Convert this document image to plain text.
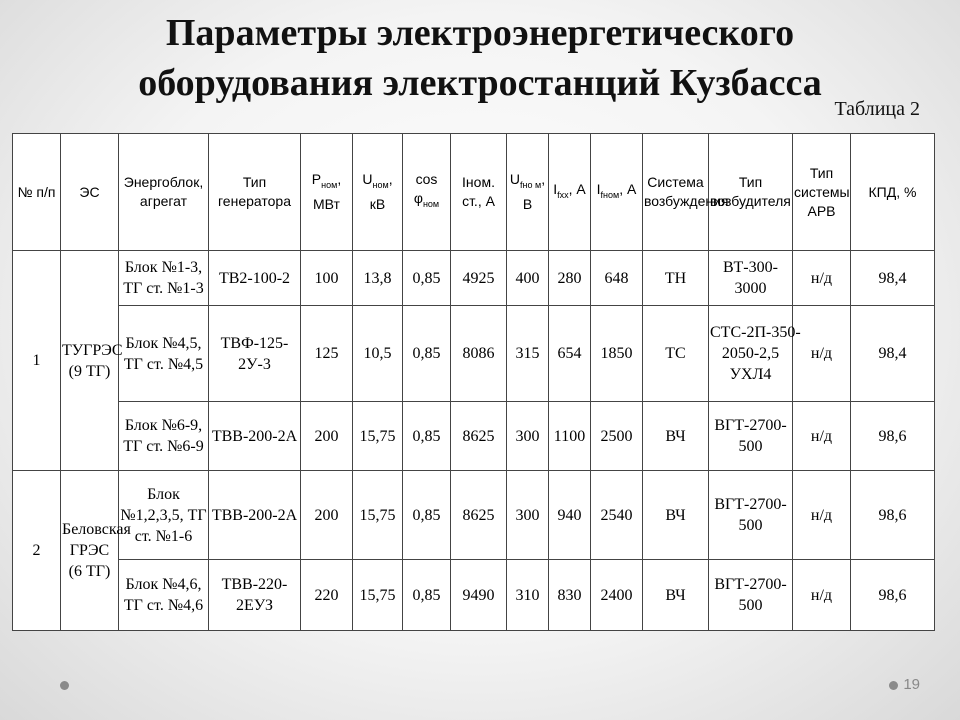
Параметры электроэнергетического
оборудования электростанций Кузбасса
Таблица 2
№ п/п	ЭС	Энергоблок, агрегат	Тип генератора	$P_{ном}$, МВт	$U_{ном}$, кВ	$\cos \varphi_{ном}$	Iном. ст., А	$U_{fно м}$, В	$I_{fхх}$, А	$I_{fном}$, А	Система возбуждения	Тип возбудителя	Тип системы АРВ	КПД, %
1	ТУГРЭС (9 ТГ)	Блок №1-3, ТГ ст. №1-3	ТВ2-100-2	100	13,8	0,85	4925	400	280	648	ТН	ВТ-300-3000	н/д	98,4
		Блок №4,5, ТГ ст. №4,5	ТВФ-125-2У-3	125	10,5	0,85	8086	315	654	1850	ТС	СТС-2П-350-2050-2,5 УХЛ4	н/д	98,4
		Блок №6-9, ТГ ст. №6-9	ТВВ-200-2А	200	15,75	0,85	8625	300	1100	2500	ВЧ	ВГТ-2700-500	н/д	98,6
2	Беловская ГРЭС (6 ТГ)	Блок №1,2,3,5, ТГ ст. №1-6	ТВВ-200-2А	200	15,75	0,85	8625	300	940	2540	ВЧ	ВГТ-2700-500	н/д	98,6
		Блок №4,6, ТГ ст. №4,6	ТВВ-220-2ЕУЗ	220	15,75	0,85	9490	310	830	2400	ВЧ	ВГТ-2700-500	н/д	98,6
19
